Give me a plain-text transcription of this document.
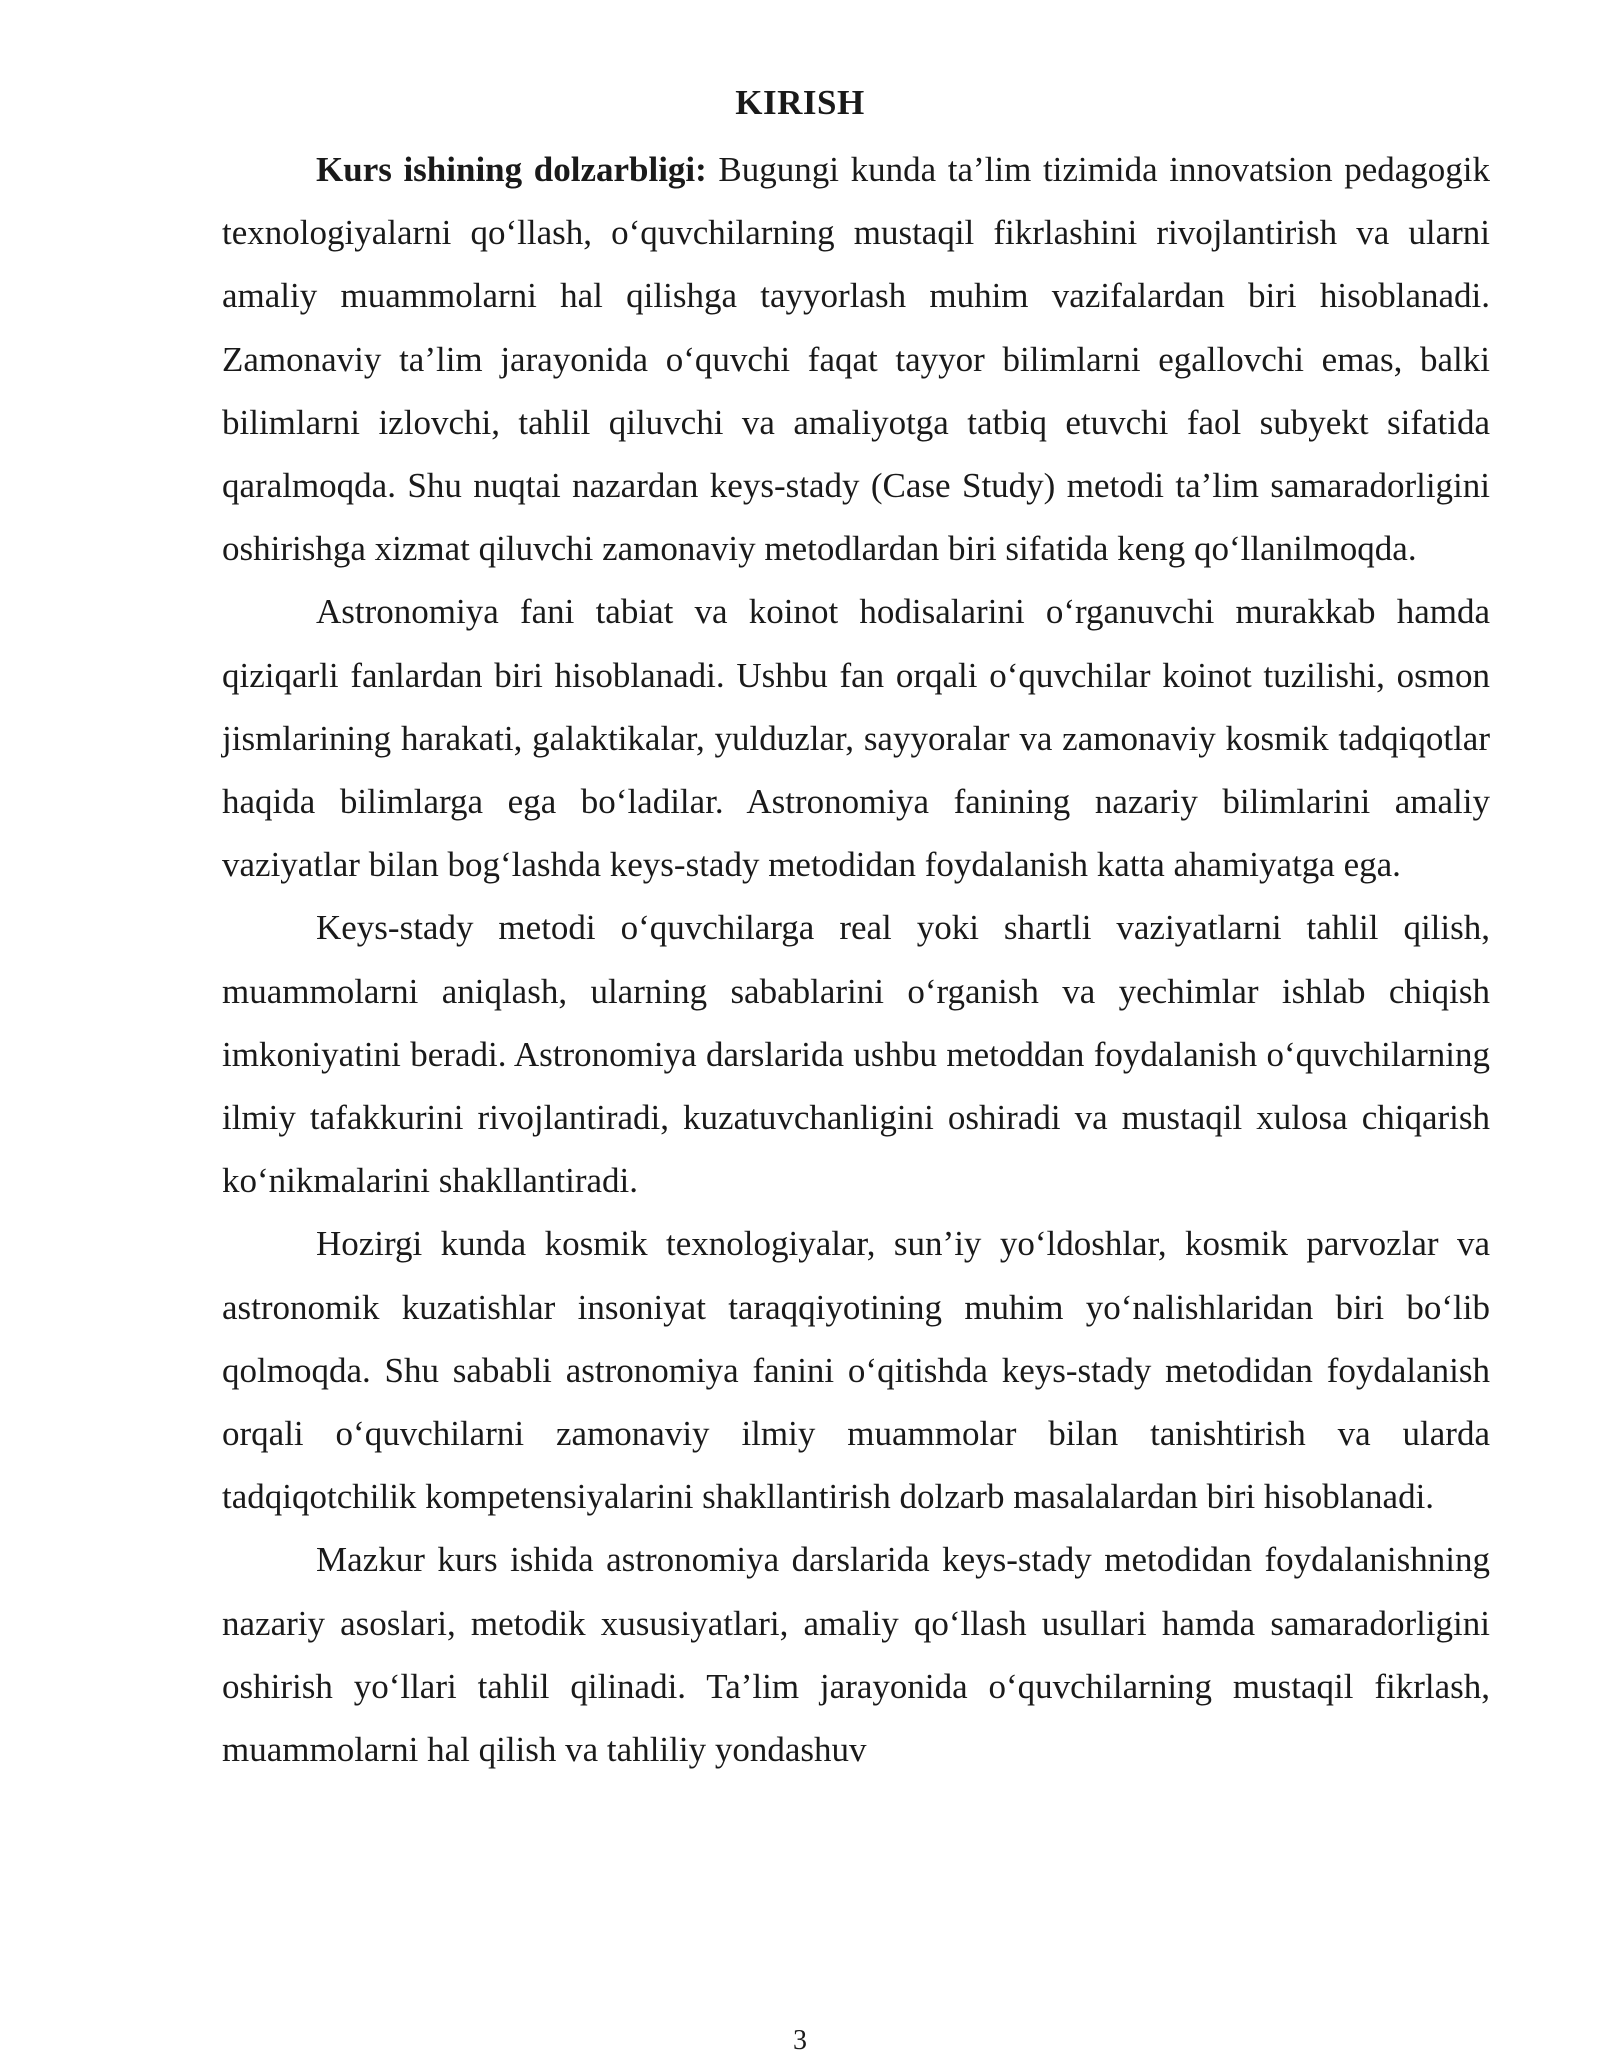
KIRISH

Kurs ishining dolzarbligi: Bugungi kunda ta’lim tizimida innovatsion pedagogik texnologiyalarni qo‘llash, o‘quvchilarning mustaqil fikrlashini rivojlantirish va ularni amaliy muammolarni hal qilishga tayyorlash muhim vazifalardan biri hisoblanadi. Zamonaviy ta’lim jarayonida o‘quvchi faqat tayyor bilimlarni egallovchi emas, balki bilimlarni izlovchi, tahlil qiluvchi va amaliyotga tatbiq etuvchi faol subyekt sifatida qaralmoqda. Shu nuqtai nazardan keys-stady (Case Study) metodi ta’lim samaradorligini oshirishga xizmat qiluvchi zamonaviy metodlardan biri sifatida keng qo‘llanilmoqda.

Astronomiya fani tabiat va koinot hodisalarini o‘rganuvchi murakkab hamda qiziqarli fanlardan biri hisoblanadi. Ushbu fan orqali o‘quvchilar koinot tuzilishi, osmon jismlarining harakati, galaktikalar, yulduzlar, sayyoralar va zamonaviy kosmik tadqiqotlar haqida bilimlarga ega bo‘ladilar. Astronomiya fanining nazariy bilimlarini amaliy vaziyatlar bilan bog‘lashda keys-stady metodidan foydalanish katta ahamiyatga ega.

Keys-stady metodi o‘quvchilarga real yoki shartli vaziyatlarni tahlil qilish, muammolarni aniqlash, ularning sabablarini o‘rganish va yechimlar ishlab chiqish imkoniyatini beradi. Astronomiya darslarida ushbu metoddan foydalanish o‘quvchilarning ilmiy tafakkurini rivojlantiradi, kuzatuvchanligini oshiradi va mustaqil xulosa chiqarish ko‘nikmalarini shakllantiradi.

Hozirgi kunda kosmik texnologiyalar, sun’iy yo‘ldoshlar, kosmik parvozlar va astronomik kuzatishlar insoniyat taraqqiyotining muhim yo‘nalishlaridan biri bo‘lib qolmoqda. Shu sababli astronomiya fanini o‘qitishda keys-stady metodidan foydalanish orqali o‘quvchilarni zamonaviy ilmiy muammolar bilan tanishtirish va ularda tadqiqotchilik kompetensiyalarini shakllantirish dolzarb masalalardan biri hisoblanadi.

Mazkur kurs ishida astronomiya darslarida keys-stady metodidan foydalanishning nazariy asoslari, metodik xususiyatlari, amaliy qo‘llash usullari hamda samaradorligini oshirish yo‘llari tahlil qilinadi. Ta’lim jarayonida o‘quvchilarning mustaqil fikrlash, muammolarni hal qilish va tahliliy yondashuv

3
